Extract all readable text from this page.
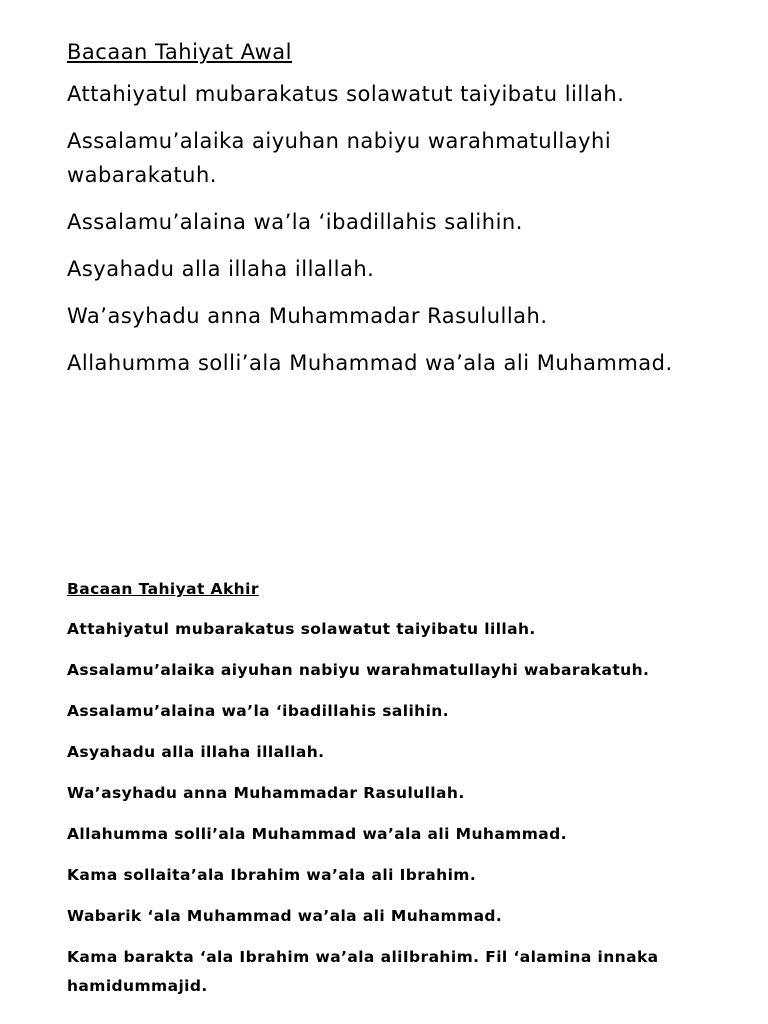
Bacaan Tahiyat Awal
Attahiyatul mubarakatus solawatut taiyibatu lillah.
Assalamu’alaika aiyuhan nabiyu warahmatullayhi wabarakatuh.
Assalamu’alaina wa’la ‘ibadillahis salihin.
Asyahadu alla illaha illallah.
Wa’asyhadu anna Muhammadar Rasulullah.
Allahumma solli’ala Muhammad wa’ala ali Muhammad.
Bacaan Tahiyat Akhir
Attahiyatul mubarakatus solawatut taiyibatu lillah.
Assalamu’alaika aiyuhan nabiyu warahmatullayhi wabarakatuh.
Assalamu’alaina wa’la ‘ibadillahis salihin.
Asyahadu alla illaha illallah.
Wa’asyhadu anna Muhammadar Rasulullah.
Allahumma solli’ala Muhammad wa’ala ali Muhammad.
Kama sollaita’ala Ibrahim wa’ala ali Ibrahim.
Wabarik ‘ala Muhammad wa’ala ali Muhammad.
Kama barakta ‘ala Ibrahim wa’ala aliIbrahim. Fil ‘alamina innaka hamidummajid.
